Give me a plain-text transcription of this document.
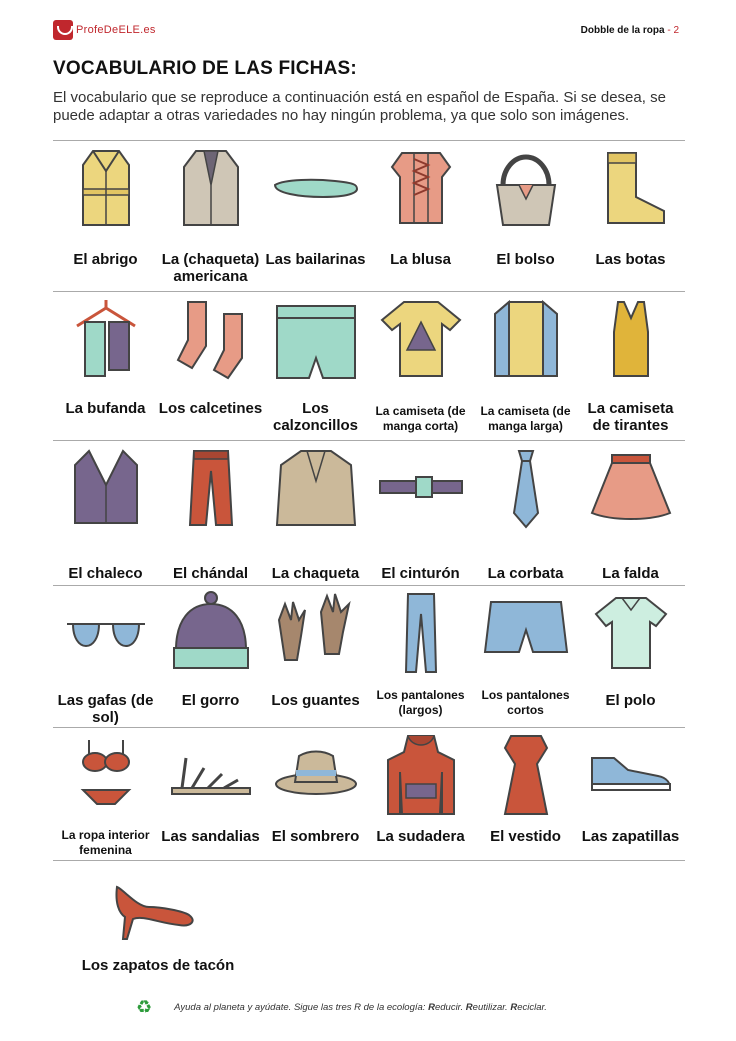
ProfeDeELE.es	Dobble de la ropa - 2
VOCABULARIO DE LAS FICHAS:

El vocabulario que se reproduce a continuación está en español de España. Si se desea, se puede adaptar a otras variedades no hay ningún problema, ya que solo son imágenes.

El abrigo	La (chaqueta) americana
Las bailarinas	La blusa	El bolso	Las botas
La bufanda Los calcetines	Los calzoncillos
La camiseta (de manga corta)
La camiseta (de manga larga)
La camiseta de tirantes
El chaleco	El chándal	La chaqueta	El cinturón	La corbata	La falda
Las gafas (de sol)
El gorro	Los guantes	Los pantalones (largos)
Los pantalones cortos
El polo
La ropa interior femenina
Las sandalias El sombrero	La sudadera	El vestido	Las zapatillas
Los zapatos de tacón
♻ Ayuda al planeta y ayúdate. Sigue las tres R de la ecología: Reducir. Reutilizar. Reciclar.
